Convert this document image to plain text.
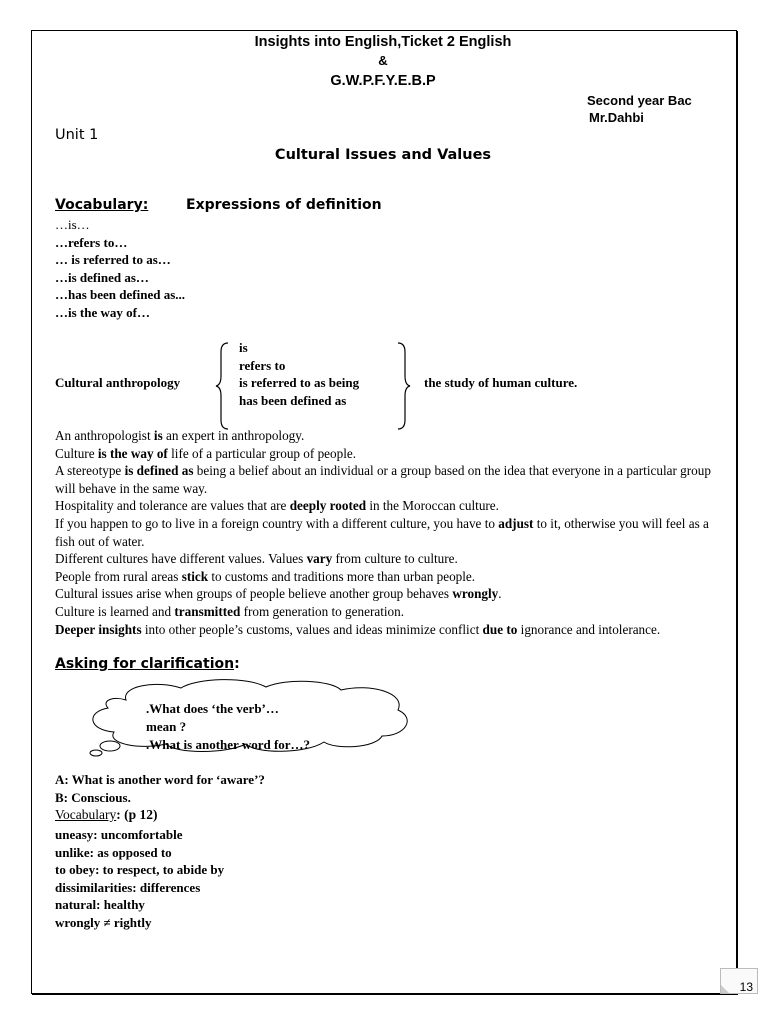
Insights into English,Ticket 2 English
&
G.W.P.F.Y.E.B.P
Second year Bac
Mr.Dahbi
Unit 1
Cultural Issues and Values
Vocabulary:	Expressions of definition
…is…
…refers to…
… is referred to as…
…is defined as…
…has been defined as...
…is the way of…
Cultural anthropology
is
refers to
is referred to as being
has been defined as
the study of human culture.

An anthropologist is an expert in anthropology.

Culture is the way of life of a particular group of people.

A stereotype is defined as being a belief about an individual or a group based on the idea that everyone in a particular group will behave in the same way.

Hospitality and tolerance are values that are deeply rooted in the Moroccan culture.

If you happen to go to live in a foreign country with a different culture, you have to adjust to it, otherwise you will feel as a fish out of water.

Different cultures have different values. Values vary from culture to culture.

People from rural areas stick to customs and traditions more than urban people.

Cultural issues arise when groups of people believe another group behaves wrongly.

Culture is learned and transmitted from generation to generation.

Deeper insights into other people’s customs, values and ideas minimize conflict due to ignorance and intolerance.

Asking for clarification:
.What does ‘the verb’…
mean ?
.What is another word for…?
A: What is another word for ‘aware’?
B: Conscious.
Vocabulary: (p 12)
uneasy: uncomfortable
unlike: as opposed to
to obey: to respect, to abide by
dissimilarities: differences
natural: healthy
wrongly ≠ rightly
13
